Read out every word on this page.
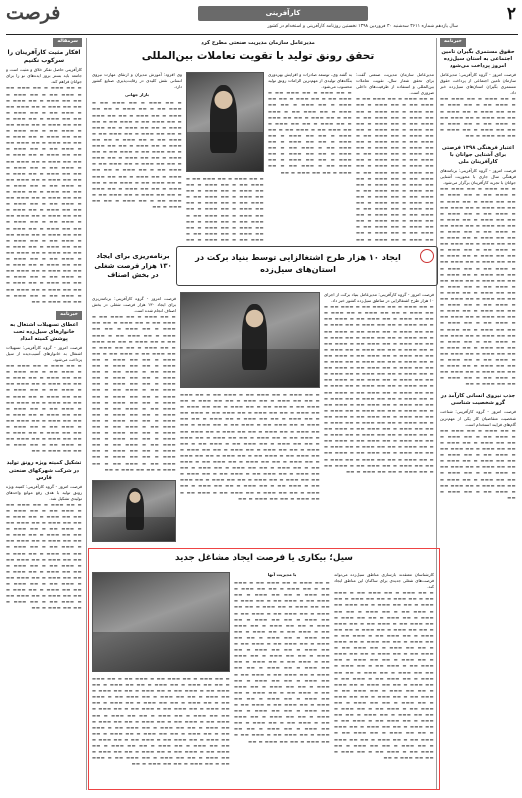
۲
کارآفرینی
فرصت
سال یازدهم شماره ۳۶۱۱ سه‌شنبه ۳۰ فروردین ۱۳۹۸ نخستین روزنامه کارآفرینی و استخدام در کشور
خبرنامه
حقوق مستمری بگیران تامین اجتماعی به استان سیل‌زده امروز پرداخت می‌شود
فرصت امروز - گروه کارآفرینی: مدیرعامل سازمان تامین اجتماعی از پرداخت حقوق مستمری بگیران استان‌های سیل‌زده خبر داد.
▬ ▬▬ ▬▬▬ ▬ ▬▬ ▬▬▬ ▬▬ ▬ ▬▬▬ ▬▬ ▬ ▬▬ ▬▬▬ ▬ ▬▬ ▬▬ ▬▬▬ ▬ ▬▬ ▬▬▬ ▬ ▬▬ ▬▬ ▬▬▬ ▬ ▬▬ ▬▬▬ ▬▬ ▬ ▬▬▬ ▬▬ ▬ ▬▬ ▬▬▬ ▬ ▬▬ ▬▬ ▬▬▬ ▬ ▬▬ ▬▬▬ ▬ ▬▬ ▬▬ ▬▬▬ ▬ ▬▬
اعتبار فرهنگی ۱۳۹۸ فرصتی برای آشتایی جوانان با کارآفرینان ملی
فرصت امروز - گروه کارآفرینی: برنامه‌های فرهنگی سال جاری با محوریت آشنایی جوانان با تجربه کارآفرینان برگزار می‌شود.
▬ ▬▬ ▬▬▬ ▬ ▬▬ ▬▬▬ ▬▬ ▬ ▬▬▬ ▬▬ ▬ ▬▬ ▬▬▬ ▬ ▬▬ ▬▬ ▬▬▬ ▬ ▬▬ ▬▬▬ ▬ ▬▬ ▬▬ ▬▬▬ ▬ ▬▬ ▬▬▬ ▬▬ ▬ ▬▬▬ ▬▬ ▬ ▬▬ ▬▬▬ ▬ ▬▬ ▬▬ ▬▬▬ ▬ ▬▬ ▬▬▬ ▬ ▬▬ ▬▬ ▬▬▬ ▬ ▬▬ ▬▬▬ ▬▬ ▬ ▬▬▬ ▬▬ ▬ ▬▬ ▬▬▬ ▬ ▬▬ ▬▬ ▬▬▬ ▬ ▬▬ ▬▬▬ ▬ ▬▬ ▬▬ ▬▬▬ ▬ ▬▬ ▬▬▬ ▬▬ ▬ ▬▬▬ ▬▬ ▬ ▬▬ ▬▬▬ ▬ ▬▬ ▬▬ ▬▬▬ ▬ ▬▬ ▬▬▬ ▬ ▬▬ ▬▬ ▬▬▬ ▬ ▬▬ ▬▬▬ ▬▬ ▬ ▬▬▬ ▬▬ ▬ ▬▬ ▬▬▬ ▬ ▬▬ ▬▬ ▬▬▬ ▬ ▬▬ ▬▬▬ ▬ ▬▬ ▬▬ ▬▬▬ ▬ ▬▬ ▬▬▬ ▬▬ ▬ ▬▬▬ ▬▬ ▬ ▬▬ ▬▬▬ ▬ ▬▬ ▬▬ ▬▬▬ ▬ ▬▬ ▬▬▬ ▬ ▬▬ ▬▬ ▬▬▬ ▬ ▬▬ ▬▬▬ ▬▬ ▬ ▬▬▬ ▬▬ ▬ ▬▬ ▬▬▬ ▬ ▬▬ ▬▬ ▬▬▬ ▬ ▬▬ ▬▬▬ ▬ ▬▬ ▬▬ ▬▬▬ ▬ ▬▬ ▬▬▬ ▬▬ ▬ ▬▬▬ ▬▬ ▬ ▬▬ ▬▬▬ ▬ ▬▬ ▬▬ ▬▬▬ ▬ ▬▬ ▬▬▬ ▬ ▬▬ ▬▬ ▬▬▬ ▬ ▬▬ ▬▬▬ ▬▬ ▬ ▬▬▬ ▬▬ ▬ ▬▬ ▬▬▬ ▬ ▬▬ ▬▬ ▬▬▬ ▬ ▬▬ ▬▬▬ ▬ ▬▬ ▬▬ ▬▬▬ ▬ ▬▬ ▬▬▬ ▬▬ ▬ ▬▬▬ ▬▬ ▬ ▬▬ ▬▬▬ ▬ ▬▬ ▬▬ ▬▬▬ ▬ ▬▬ ▬▬▬ ▬ ▬▬ ▬▬ ▬▬▬ ▬ ▬▬ ▬▬▬ ▬▬ ▬ ▬▬▬ ▬▬ ▬ ▬▬ ▬▬▬ ▬ ▬▬ ▬▬ ▬▬▬ ▬ ▬▬
جذب نیروی انسانی کارآمد در گرو شخصیت شناسی
فرصت امروز - گروه کارآفرینی: شناخت شخصیت متقاضیان کار یکی از مهم‌ترین گام‌های فرایند استخدام است.
▬ ▬▬ ▬▬▬ ▬ ▬▬ ▬▬▬ ▬▬ ▬ ▬▬▬ ▬▬ ▬ ▬▬ ▬▬▬ ▬ ▬▬ ▬▬ ▬▬▬ ▬ ▬▬ ▬▬▬ ▬ ▬▬ ▬▬ ▬▬▬ ▬ ▬▬ ▬▬▬ ▬▬ ▬ ▬▬▬ ▬▬ ▬ ▬▬ ▬▬▬ ▬ ▬▬ ▬▬ ▬▬▬ ▬ ▬▬ ▬▬▬ ▬ ▬▬ ▬▬ ▬▬▬ ▬ ▬▬ ▬▬▬ ▬▬ ▬ ▬▬▬ ▬▬ ▬ ▬▬ ▬▬▬ ▬ ▬▬ ▬▬ ▬▬▬ ▬ ▬▬ ▬▬▬ ▬ ▬▬ ▬▬ ▬▬▬ ▬ ▬▬ ▬▬▬ ▬▬ ▬ ▬▬▬ ▬▬ ▬ ▬▬ ▬▬▬ ▬ ▬▬
سرمقاله
افکار مثبت کارآفرینان را سرکوب نکنیم
کارآفرینی حاصل تفکر خلاق و مثبت است و جامعه باید بستر بروز ایده‌های نو را برای جوانان فراهم کند.
▬ ▬▬ ▬▬▬ ▬ ▬▬ ▬▬▬ ▬▬ ▬ ▬▬▬ ▬▬ ▬ ▬▬ ▬▬▬ ▬ ▬▬ ▬▬ ▬▬▬ ▬ ▬▬ ▬▬▬ ▬ ▬▬ ▬▬ ▬▬▬ ▬ ▬▬ ▬▬▬ ▬▬ ▬ ▬▬▬ ▬▬ ▬ ▬▬ ▬▬▬ ▬ ▬▬ ▬▬ ▬▬▬ ▬ ▬▬ ▬▬▬ ▬ ▬▬ ▬▬ ▬▬▬ ▬ ▬▬ ▬▬▬ ▬▬ ▬ ▬▬▬ ▬▬ ▬ ▬▬ ▬▬▬ ▬ ▬▬ ▬▬ ▬▬▬ ▬ ▬▬ ▬▬▬ ▬ ▬▬ ▬▬ ▬▬▬ ▬ ▬▬ ▬▬▬ ▬▬ ▬ ▬▬▬ ▬▬ ▬ ▬▬ ▬▬▬ ▬ ▬▬ ▬▬ ▬▬▬ ▬ ▬▬ ▬▬▬ ▬ ▬▬ ▬▬ ▬▬▬ ▬ ▬▬ ▬▬▬ ▬▬ ▬ ▬▬▬ ▬▬ ▬ ▬▬ ▬▬▬ ▬ ▬▬ ▬▬ ▬▬▬ ▬ ▬▬ ▬▬▬ ▬ ▬▬ ▬▬ ▬▬▬ ▬ ▬▬ ▬▬▬ ▬▬ ▬ ▬▬▬ ▬▬ ▬ ▬▬ ▬▬▬ ▬ ▬▬ ▬▬ ▬▬▬ ▬ ▬▬ ▬▬▬ ▬ ▬▬ ▬▬ ▬▬▬ ▬ ▬▬ ▬▬▬ ▬▬ ▬ ▬▬▬ ▬▬ ▬ ▬▬ ▬▬▬ ▬ ▬▬ ▬▬ ▬▬▬ ▬ ▬▬ ▬▬▬ ▬ ▬▬ ▬▬ ▬▬▬ ▬ ▬▬ ▬▬▬ ▬▬ ▬ ▬▬▬ ▬▬ ▬ ▬▬ ▬▬▬ ▬ ▬▬ ▬▬ ▬▬▬ ▬ ▬▬ ▬▬▬ ▬ ▬▬ ▬▬ ▬▬▬ ▬ ▬▬ ▬▬▬ ▬▬ ▬ ▬▬▬ ▬▬ ▬ ▬▬ ▬▬▬ ▬ ▬▬ ▬▬ ▬▬▬ ▬ ▬▬ ▬▬▬ ▬ ▬▬ ▬▬ ▬▬▬ ▬ ▬▬ ▬▬▬ ▬▬ ▬ ▬▬▬ ▬▬ ▬ ▬▬ ▬▬▬ ▬ ▬▬ ▬▬ ▬▬▬ ▬ ▬▬ ▬▬▬ ▬ ▬▬ ▬▬ ▬▬▬ ▬ ▬▬ ▬▬▬ ▬▬ ▬ ▬▬▬ ▬▬ ▬ ▬▬ ▬▬▬ ▬ ▬▬ ▬▬ ▬▬▬ ▬ ▬▬ ▬▬▬ ▬ ▬▬ ▬▬ ▬▬▬ ▬ ▬▬ ▬▬▬ ▬▬ ▬ ▬▬▬ ▬▬ ▬ ▬▬ ▬▬▬ ▬ ▬▬ ▬▬ ▬▬▬ ▬ ▬▬
خبرنامه
اعطای تسهیلات اشتغال به خانوارهای سیل‌زده تحت پوشش کمیته امداد
فرصت امروز - گروه کارآفرینی: تسهیلات اشتغال به خانوارهای آسیب‌دیده از سیل پرداخت می‌شود.
▬ ▬▬ ▬▬▬ ▬ ▬▬ ▬▬▬ ▬▬ ▬ ▬▬▬ ▬▬ ▬ ▬▬ ▬▬▬ ▬ ▬▬ ▬▬ ▬▬▬ ▬ ▬▬ ▬▬▬ ▬ ▬▬ ▬▬ ▬▬▬ ▬ ▬▬ ▬▬▬ ▬▬ ▬ ▬▬▬ ▬▬ ▬ ▬▬ ▬▬▬ ▬ ▬▬ ▬▬ ▬▬▬ ▬ ▬▬ ▬▬▬ ▬ ▬▬ ▬▬ ▬▬▬ ▬ ▬▬ ▬▬▬ ▬▬ ▬ ▬▬▬ ▬▬ ▬ ▬▬ ▬▬▬ ▬ ▬▬ ▬▬ ▬▬▬ ▬ ▬▬ ▬▬▬ ▬ ▬▬ ▬▬ ▬▬▬ ▬ ▬▬ ▬▬▬ ▬▬ ▬ ▬▬▬ ▬▬ ▬ ▬▬ ▬▬▬ ▬ ▬▬ ▬▬ ▬▬▬ ▬ ▬▬ ▬▬▬ ▬ ▬▬ ▬▬ ▬▬▬ ▬ ▬▬ ▬▬▬ ▬▬ ▬ ▬▬▬ ▬▬ ▬ ▬▬ ▬▬▬ ▬ ▬▬ ▬▬ ▬▬▬ ▬ ▬▬
تشکیل کمیته ویژه رونق تولید در شرکت شهرکهای صنعتی فارس
فرصت امروز - گروه کارآفرینی: کمیته ویژه رونق تولید با هدف رفع موانع واحدهای تولیدی تشکیل شد.
▬ ▬▬ ▬▬▬ ▬ ▬▬ ▬▬▬ ▬▬ ▬ ▬▬▬ ▬▬ ▬ ▬▬ ▬▬▬ ▬ ▬▬ ▬▬ ▬▬▬ ▬ ▬▬ ▬▬▬ ▬ ▬▬ ▬▬ ▬▬▬ ▬ ▬▬ ▬▬▬ ▬▬ ▬ ▬▬▬ ▬▬ ▬ ▬▬ ▬▬▬ ▬ ▬▬ ▬▬ ▬▬▬ ▬ ▬▬ ▬▬▬ ▬ ▬▬ ▬▬ ▬▬▬ ▬ ▬▬ ▬▬▬ ▬▬ ▬ ▬▬▬ ▬▬ ▬ ▬▬ ▬▬▬ ▬ ▬▬ ▬▬ ▬▬▬ ▬ ▬▬ ▬▬▬ ▬ ▬▬ ▬▬ ▬▬▬ ▬ ▬▬ ▬▬▬ ▬▬ ▬ ▬▬▬ ▬▬ ▬ ▬▬ ▬▬▬ ▬ ▬▬ ▬▬ ▬▬▬ ▬ ▬▬ ▬▬▬ ▬ ▬▬ ▬▬ ▬▬▬ ▬ ▬▬ ▬▬▬ ▬▬ ▬ ▬▬▬ ▬▬ ▬ ▬▬ ▬▬▬ ▬ ▬▬ ▬▬ ▬▬▬ ▬ ▬▬ ▬▬▬ ▬ ▬▬ ▬▬ ▬▬▬ ▬ ▬▬ ▬▬▬ ▬▬ ▬ ▬▬▬ ▬▬ ▬ ▬▬ ▬▬▬ ▬ ▬▬ ▬▬ ▬▬▬ ▬ ▬▬
مدیرعامل سازمان مدیریت صنعتی مطرح کرد
تحقق رونق تولید با تقویت تعاملات بین‌المللی
مدیرعامل سازمان مدیریت صنعتی گفت: برای تحقق شعار سال، تقویت تعاملات بین‌المللی و استفاده از ظرفیت‌های داخلی ضروری است.
▬ ▬▬ ▬▬▬ ▬ ▬▬ ▬▬▬ ▬▬ ▬ ▬▬▬ ▬▬ ▬ ▬▬ ▬▬▬ ▬ ▬▬ ▬▬ ▬▬▬ ▬ ▬▬ ▬▬▬ ▬ ▬▬ ▬▬ ▬▬▬ ▬ ▬▬ ▬▬▬ ▬▬ ▬ ▬▬▬ ▬▬ ▬ ▬▬ ▬▬▬ ▬ ▬▬ ▬▬ ▬▬▬ ▬ ▬▬ ▬▬▬ ▬ ▬▬ ▬▬ ▬▬▬ ▬ ▬▬ ▬▬▬ ▬▬ ▬ ▬▬▬ ▬▬ ▬ ▬▬ ▬▬▬ ▬ ▬▬ ▬▬ ▬▬▬ ▬ ▬▬ ▬▬▬ ▬ ▬▬ ▬▬ ▬▬▬ ▬ ▬▬ ▬▬▬ ▬▬ ▬ ▬▬▬ ▬▬ ▬ ▬▬ ▬▬▬ ▬ ▬▬ ▬▬ ▬▬▬ ▬ ▬▬ ▬▬▬ ▬ ▬▬ ▬▬ ▬▬▬ ▬ ▬▬ ▬▬▬ ▬▬ ▬ ▬▬▬ ▬▬ ▬ ▬▬ ▬▬▬ ▬ ▬▬ ▬▬ ▬▬▬ ▬ ▬▬ ▬▬▬ ▬ ▬▬ ▬▬ ▬▬▬ ▬ ▬▬ ▬▬▬ ▬▬ ▬ ▬▬▬ ▬▬ ▬ ▬▬ ▬▬▬ ▬ ▬▬ ▬▬ ▬▬▬ ▬ ▬▬ ▬▬▬ ▬ ▬▬ ▬▬ ▬▬▬ ▬ ▬▬ ▬▬▬ ▬▬ ▬ ▬▬▬ ▬▬ ▬ ▬▬ ▬▬▬ ▬ ▬▬ ▬▬ ▬▬▬ ▬ ▬▬ ▬▬▬ ▬ ▬▬ ▬▬ ▬▬▬ ▬ ▬▬ ▬▬▬ ▬▬ ▬ ▬▬▬ ▬▬ ▬ ▬▬ ▬▬▬ ▬ ▬▬ ▬▬ ▬▬▬ ▬ ▬▬ ▬▬▬ ▬ ▬▬
به گفته وی، توسعه صادرات و افزایش بهره‌وری بنگاه‌های تولیدی از مهم‌ترین الزامات رونق تولید محسوب می‌شود.
▬ ▬▬ ▬▬▬ ▬ ▬▬ ▬▬▬ ▬▬ ▬ ▬▬▬ ▬▬ ▬ ▬▬ ▬▬▬ ▬ ▬▬ ▬▬ ▬▬▬ ▬ ▬▬ ▬▬▬ ▬ ▬▬ ▬▬ ▬▬▬ ▬ ▬▬ ▬▬▬ ▬▬ ▬ ▬▬▬ ▬▬ ▬ ▬▬ ▬▬▬ ▬ ▬▬ ▬▬ ▬▬▬ ▬ ▬▬ ▬▬▬ ▬ ▬▬ ▬▬ ▬▬▬ ▬ ▬▬ ▬▬▬ ▬▬ ▬ ▬▬▬ ▬▬ ▬ ▬▬ ▬▬▬ ▬ ▬▬ ▬▬ ▬▬▬ ▬ ▬▬ ▬▬▬ ▬ ▬▬ ▬▬ ▬▬▬ ▬ ▬▬ ▬▬▬ ▬▬ ▬ ▬▬▬ ▬▬ ▬ ▬▬ ▬▬▬ ▬ ▬▬ ▬▬ ▬▬▬ ▬ ▬▬ ▬▬▬ ▬ ▬▬ ▬▬ ▬▬▬ ▬ ▬▬ ▬▬▬ ▬▬ ▬ ▬▬▬ ▬▬ ▬ ▬▬ ▬▬▬ ▬ ▬▬ ▬▬ ▬▬▬ ▬ ▬▬
▬ ▬▬ ▬▬▬ ▬ ▬▬ ▬▬▬ ▬▬ ▬ ▬▬▬ ▬▬ ▬ ▬▬ ▬▬▬ ▬ ▬▬ ▬▬ ▬▬▬ ▬ ▬▬ ▬▬▬ ▬ ▬▬ ▬▬ ▬▬▬ ▬ ▬▬ ▬▬▬ ▬▬ ▬ ▬▬▬ ▬▬ ▬ ▬▬ ▬▬▬ ▬ ▬▬ ▬▬ ▬▬▬ ▬ ▬▬ ▬▬▬ ▬ ▬▬ ▬▬ ▬▬▬ ▬ ▬▬ ▬▬▬ ▬▬ ▬ ▬▬▬ ▬▬ ▬ ▬▬ ▬▬▬ ▬ ▬▬ ▬▬ ▬▬▬ ▬ ▬▬ ▬▬▬ ▬ ▬▬ ▬▬ ▬▬▬ ▬ ▬▬ ▬▬▬ ▬▬ ▬ ▬▬▬ ▬▬ ▬ ▬▬ ▬▬▬ ▬ ▬▬
وی افزود: آموزش مدیران و ارتقای مهارت نیروی انسانی نقش کلیدی در رقابت‌پذیری صنایع کشور دارد.
بازار جهانی
▬ ▬▬ ▬▬▬ ▬ ▬▬ ▬▬▬ ▬▬ ▬ ▬▬▬ ▬▬ ▬ ▬▬ ▬▬▬ ▬ ▬▬ ▬▬ ▬▬▬ ▬ ▬▬ ▬▬▬ ▬ ▬▬ ▬▬ ▬▬▬ ▬ ▬▬ ▬▬▬ ▬▬ ▬ ▬▬▬ ▬▬ ▬ ▬▬ ▬▬▬ ▬ ▬▬ ▬▬ ▬▬▬ ▬ ▬▬ ▬▬▬ ▬ ▬▬ ▬▬ ▬▬▬ ▬ ▬▬ ▬▬▬ ▬▬ ▬ ▬▬▬ ▬▬ ▬ ▬▬ ▬▬▬ ▬ ▬▬ ▬▬ ▬▬▬ ▬ ▬▬ ▬▬▬ ▬ ▬▬ ▬▬ ▬▬▬ ▬ ▬▬ ▬▬▬ ▬▬ ▬ ▬▬▬ ▬▬ ▬ ▬▬ ▬▬▬ ▬ ▬▬ ▬▬ ▬▬▬ ▬ ▬▬ ▬▬▬ ▬ ▬▬ ▬▬ ▬▬▬ ▬ ▬▬ ▬▬▬ ▬▬ ▬ ▬▬▬ ▬▬ ▬ ▬▬ ▬▬▬ ▬ ▬▬ ▬▬ ▬▬▬ ▬ ▬▬ ▬▬▬ ▬ ▬▬ ▬▬ ▬▬▬ ▬ ▬▬ ▬▬▬ ▬▬ ▬ ▬▬▬ ▬▬ ▬ ▬▬ ▬▬▬ ▬ ▬▬ ▬▬ ▬▬▬ ▬ ▬▬ ▬▬▬ ▬ ▬▬ ▬▬ ▬▬▬ ▬ ▬▬ ▬▬▬ ▬▬ ▬ ▬▬▬ ▬▬ ▬ ▬▬ ▬▬▬ ▬ ▬▬ ▬▬ ▬▬▬ ▬ ▬▬
ایجاد ۱۰ هزار طرح اشتغالزایی توسط بنیاد برکت در استان‌های سیل‌زده
فرصت امروز - گروه کارآفرینی: مدیرعامل بنیاد برکت از اجرای ۱۰ هزار طرح اشتغالزایی در مناطق سیل‌زده کشور خبر داد.
▬ ▬▬ ▬▬▬ ▬ ▬▬ ▬▬▬ ▬▬ ▬ ▬▬▬ ▬▬ ▬ ▬▬ ▬▬▬ ▬ ▬▬ ▬▬ ▬▬▬ ▬ ▬▬ ▬▬▬ ▬ ▬▬ ▬▬ ▬▬▬ ▬ ▬▬ ▬▬▬ ▬▬ ▬ ▬▬▬ ▬▬ ▬ ▬▬ ▬▬▬ ▬ ▬▬ ▬▬ ▬▬▬ ▬ ▬▬ ▬▬▬ ▬ ▬▬ ▬▬ ▬▬▬ ▬ ▬▬ ▬▬▬ ▬▬ ▬ ▬▬▬ ▬▬ ▬ ▬▬ ▬▬▬ ▬ ▬▬ ▬▬ ▬▬▬ ▬ ▬▬ ▬▬▬ ▬ ▬▬ ▬▬ ▬▬▬ ▬ ▬▬ ▬▬▬ ▬▬ ▬ ▬▬▬ ▬▬ ▬ ▬▬ ▬▬▬ ▬ ▬▬ ▬▬ ▬▬▬ ▬ ▬▬ ▬▬▬ ▬ ▬▬ ▬▬ ▬▬▬ ▬ ▬▬ ▬▬▬ ▬▬ ▬ ▬▬▬ ▬▬ ▬ ▬▬ ▬▬▬ ▬ ▬▬ ▬▬ ▬▬▬ ▬ ▬▬ ▬▬▬ ▬ ▬▬ ▬▬ ▬▬▬ ▬ ▬▬ ▬▬▬ ▬▬ ▬ ▬▬▬ ▬▬ ▬ ▬▬ ▬▬▬ ▬ ▬▬ ▬▬ ▬▬▬ ▬ ▬▬ ▬▬▬ ▬ ▬▬ ▬▬ ▬▬▬ ▬ ▬▬ ▬▬▬ ▬▬ ▬ ▬▬▬ ▬▬ ▬ ▬▬ ▬▬▬ ▬ ▬▬ ▬▬ ▬▬▬ ▬ ▬▬ ▬▬▬ ▬ ▬▬ ▬▬ ▬▬▬ ▬ ▬▬ ▬▬▬ ▬▬ ▬ ▬▬▬ ▬▬ ▬ ▬▬ ▬▬▬ ▬ ▬▬ ▬▬ ▬▬▬ ▬ ▬▬ ▬▬▬ ▬ ▬▬ ▬▬ ▬▬▬ ▬ ▬▬ ▬▬▬ ▬▬ ▬ ▬▬▬ ▬▬ ▬ ▬▬ ▬▬▬ ▬ ▬▬ ▬▬ ▬▬▬ ▬ ▬▬ ▬▬▬ ▬ ▬▬ ▬▬ ▬▬▬ ▬ ▬▬ ▬▬▬ ▬▬ ▬ ▬▬▬ ▬▬ ▬ ▬▬ ▬▬▬ ▬ ▬▬ ▬▬ ▬▬▬ ▬ ▬▬ ▬▬▬ ▬ ▬▬ ▬▬ ▬▬▬ ▬ ▬▬ ▬▬▬ ▬▬ ▬ ▬▬▬ ▬▬ ▬ ▬▬ ▬▬▬ ▬ ▬▬ ▬▬ ▬▬▬ ▬ ▬▬ ▬▬▬ ▬ ▬▬ ▬▬ ▬▬▬ ▬ ▬▬ ▬▬▬ ▬▬ ▬ ▬▬▬ ▬▬ ▬ ▬▬ ▬▬▬ ▬ ▬▬ ▬▬ ▬▬▬ ▬ ▬▬ ▬▬▬ ▬ ▬▬ ▬▬ ▬▬▬ ▬ ▬▬ ▬▬▬ ▬▬ ▬ ▬▬▬ ▬▬ ▬ ▬▬ ▬▬▬ ▬ ▬▬ ▬▬ ▬▬▬ ▬ ▬▬ ▬▬▬ ▬ ▬▬ ▬▬ ▬▬▬ ▬ ▬▬ ▬▬▬ ▬▬ ▬ ▬▬▬ ▬▬ ▬ ▬▬ ▬▬▬ ▬ ▬▬ ▬▬ ▬▬▬ ▬ ▬▬
▬ ▬▬ ▬▬▬ ▬ ▬▬ ▬▬▬ ▬▬ ▬ ▬▬▬ ▬▬ ▬ ▬▬ ▬▬▬ ▬ ▬▬ ▬▬ ▬▬▬ ▬ ▬▬ ▬▬▬ ▬ ▬▬ ▬▬ ▬▬▬ ▬ ▬▬ ▬▬▬ ▬▬ ▬ ▬▬▬ ▬▬ ▬ ▬▬ ▬▬▬ ▬ ▬▬ ▬▬ ▬▬▬ ▬ ▬▬ ▬▬▬ ▬ ▬▬ ▬▬ ▬▬▬ ▬ ▬▬ ▬▬▬ ▬▬ ▬ ▬▬▬ ▬▬ ▬ ▬▬ ▬▬▬ ▬ ▬▬ ▬▬ ▬▬▬ ▬ ▬▬ ▬▬▬ ▬ ▬▬ ▬▬ ▬▬▬ ▬ ▬▬ ▬▬▬ ▬▬ ▬ ▬▬▬ ▬▬ ▬ ▬▬ ▬▬▬ ▬ ▬▬ ▬▬ ▬▬▬ ▬ ▬▬ ▬▬▬ ▬ ▬▬ ▬▬ ▬▬▬ ▬ ▬▬ ▬▬▬ ▬▬ ▬ ▬▬▬ ▬▬ ▬ ▬▬ ▬▬▬ ▬ ▬▬ ▬▬ ▬▬▬ ▬ ▬▬ ▬▬▬ ▬ ▬▬ ▬▬ ▬▬▬ ▬ ▬▬ ▬▬▬ ▬▬ ▬ ▬▬▬ ▬▬ ▬ ▬▬ ▬▬▬ ▬ ▬▬ ▬▬ ▬▬▬ ▬ ▬▬ ▬▬▬ ▬ ▬▬ ▬▬ ▬▬▬ ▬ ▬▬ ▬▬▬ ▬▬ ▬ ▬▬▬ ▬▬ ▬ ▬▬ ▬▬▬ ▬ ▬▬ ▬▬ ▬▬▬ ▬ ▬▬ ▬▬▬ ▬ ▬▬ ▬▬ ▬▬▬ ▬ ▬▬ ▬▬▬ ▬▬ ▬ ▬▬▬ ▬▬ ▬ ▬▬ ▬▬▬ ▬ ▬▬ ▬▬ ▬▬▬ ▬ ▬▬ ▬▬▬ ▬ ▬▬ ▬▬ ▬▬▬ ▬ ▬▬ ▬▬▬ ▬▬ ▬ ▬▬▬ ▬▬ ▬ ▬▬ ▬▬▬ ▬ ▬▬ ▬▬ ▬▬▬ ▬ ▬▬ ▬▬▬ ▬ ▬▬ ▬▬ ▬▬▬ ▬ ▬▬ ▬▬▬ ▬▬ ▬ ▬▬▬ ▬▬ ▬ ▬▬ ▬▬▬ ▬ ▬▬ ▬▬ ▬▬▬ ▬ ▬▬ ▬▬▬ ▬ ▬▬ ▬▬ ▬▬▬ ▬ ▬▬ ▬▬▬ ▬▬ ▬ ▬▬▬ ▬▬ ▬ ▬▬ ▬▬▬ ▬ ▬▬ ▬▬ ▬▬▬ ▬ ▬▬
برنامه‌ریزی برای ایجاد ۱۳۰ هزار فرصت شغلی در بخش اصناف
فرصت امروز - گروه کارآفرینی: برنامه‌ریزی برای ایجاد ۱۳۰ هزار فرصت شغلی در بخش اصناف انجام شده است.
▬ ▬▬ ▬▬▬ ▬ ▬▬ ▬▬▬ ▬▬ ▬ ▬▬▬ ▬▬ ▬ ▬▬ ▬▬▬ ▬ ▬▬ ▬▬ ▬▬▬ ▬ ▬▬ ▬▬▬ ▬ ▬▬ ▬▬ ▬▬▬ ▬ ▬▬ ▬▬▬ ▬▬ ▬ ▬▬▬ ▬▬ ▬ ▬▬ ▬▬▬ ▬ ▬▬ ▬▬ ▬▬▬ ▬ ▬▬ ▬▬▬ ▬ ▬▬ ▬▬ ▬▬▬ ▬ ▬▬ ▬▬▬ ▬▬ ▬ ▬▬▬ ▬▬ ▬ ▬▬ ▬▬▬ ▬ ▬▬ ▬▬ ▬▬▬ ▬ ▬▬ ▬▬▬ ▬ ▬▬ ▬▬ ▬▬▬ ▬ ▬▬ ▬▬▬ ▬▬ ▬ ▬▬▬ ▬▬ ▬ ▬▬ ▬▬▬ ▬ ▬▬ ▬▬ ▬▬▬ ▬ ▬▬ ▬▬▬ ▬ ▬▬ ▬▬ ▬▬▬ ▬ ▬▬ ▬▬▬ ▬▬ ▬ ▬▬▬ ▬▬ ▬ ▬▬ ▬▬▬ ▬ ▬▬ ▬▬ ▬▬▬ ▬ ▬▬ ▬▬▬ ▬ ▬▬ ▬▬ ▬▬▬ ▬ ▬▬ ▬▬▬ ▬▬ ▬ ▬▬▬ ▬▬ ▬ ▬▬ ▬▬▬ ▬ ▬▬ ▬▬ ▬▬▬ ▬ ▬▬ ▬▬▬ ▬ ▬▬ ▬▬ ▬▬▬ ▬ ▬▬ ▬▬▬ ▬▬ ▬ ▬▬▬ ▬▬ ▬ ▬▬ ▬▬▬ ▬ ▬▬ ▬▬ ▬▬▬ ▬ ▬▬ ▬▬▬ ▬ ▬▬ ▬▬ ▬▬▬ ▬ ▬▬ ▬▬▬ ▬▬ ▬ ▬▬▬ ▬▬ ▬ ▬▬ ▬▬▬ ▬ ▬▬ ▬▬ ▬▬▬ ▬ ▬▬ ▬▬▬ ▬ ▬▬ ▬▬ ▬▬▬ ▬ ▬▬ ▬▬▬ ▬▬ ▬ ▬▬▬ ▬▬ ▬ ▬▬ ▬▬▬ ▬ ▬▬ ▬▬ ▬▬▬ ▬ ▬▬
سیل؛ بیکاری یا فرصت ایجاد مشاغل جدید
کارشناسان معتقدند بازسازی مناطق سیل‌زده می‌تواند فرصت‌های شغلی جدیدی برای ساکنان این مناطق ایجاد کند.
▬ ▬▬ ▬▬▬ ▬ ▬▬ ▬▬▬ ▬▬ ▬ ▬▬▬ ▬▬ ▬ ▬▬ ▬▬▬ ▬ ▬▬ ▬▬ ▬▬▬ ▬ ▬▬ ▬▬▬ ▬ ▬▬ ▬▬ ▬▬▬ ▬ ▬▬ ▬▬▬ ▬▬ ▬ ▬▬▬ ▬▬ ▬ ▬▬ ▬▬▬ ▬ ▬▬ ▬▬ ▬▬▬ ▬ ▬▬ ▬▬▬ ▬ ▬▬ ▬▬ ▬▬▬ ▬ ▬▬ ▬▬▬ ▬▬ ▬ ▬▬▬ ▬▬ ▬ ▬▬ ▬▬▬ ▬ ▬▬ ▬▬ ▬▬▬ ▬ ▬▬ ▬▬▬ ▬ ▬▬ ▬▬ ▬▬▬ ▬ ▬▬ ▬▬▬ ▬▬ ▬ ▬▬▬ ▬▬ ▬ ▬▬ ▬▬▬ ▬ ▬▬ ▬▬ ▬▬▬ ▬ ▬▬ ▬▬▬ ▬ ▬▬ ▬▬ ▬▬▬ ▬ ▬▬ ▬▬▬ ▬▬ ▬ ▬▬▬ ▬▬ ▬ ▬▬ ▬▬▬ ▬ ▬▬ ▬▬ ▬▬▬ ▬ ▬▬ ▬▬▬ ▬ ▬▬ ▬▬ ▬▬▬ ▬ ▬▬ ▬▬▬ ▬▬ ▬ ▬▬▬ ▬▬ ▬ ▬▬ ▬▬▬ ▬ ▬▬ ▬▬ ▬▬▬ ▬ ▬▬ ▬▬▬ ▬ ▬▬ ▬▬ ▬▬▬ ▬ ▬▬ ▬▬▬ ▬▬ ▬ ▬▬▬ ▬▬ ▬ ▬▬ ▬▬▬ ▬ ▬▬ ▬▬ ▬▬▬ ▬ ▬▬ ▬▬▬ ▬ ▬▬ ▬▬ ▬▬▬ ▬ ▬▬ ▬▬▬ ▬▬ ▬ ▬▬▬ ▬▬ ▬ ▬▬ ▬▬▬ ▬ ▬▬ ▬▬ ▬▬▬ ▬ ▬▬ ▬▬▬ ▬ ▬▬ ▬▬ ▬▬▬ ▬ ▬▬ ▬▬▬ ▬▬ ▬ ▬▬▬ ▬▬ ▬ ▬▬ ▬▬▬ ▬ ▬▬ ▬▬ ▬▬▬ ▬ ▬▬ ▬▬▬ ▬ ▬▬ ▬▬ ▬▬▬ ▬ ▬▬ ▬▬▬ ▬▬ ▬ ▬▬▬ ▬▬ ▬ ▬▬ ▬▬▬ ▬ ▬▬ ▬▬ ▬▬▬ ▬ ▬▬ ▬▬▬ ▬ ▬▬ ▬▬ ▬▬▬ ▬ ▬▬ ▬▬▬ ▬▬ ▬ ▬▬▬ ▬▬ ▬ ▬▬ ▬▬▬ ▬ ▬▬ ▬▬ ▬▬▬ ▬ ▬▬ ▬▬▬ ▬ ▬▬ ▬▬ ▬▬▬ ▬ ▬▬ ▬▬▬ ▬▬ ▬ ▬▬▬ ▬▬ ▬ ▬▬ ▬▬▬ ▬ ▬▬ ▬▬ ▬▬▬ ▬ ▬▬
با مدیریت آنها
▬ ▬▬ ▬▬▬ ▬ ▬▬ ▬▬▬ ▬▬ ▬ ▬▬▬ ▬▬ ▬ ▬▬ ▬▬▬ ▬ ▬▬ ▬▬ ▬▬▬ ▬ ▬▬ ▬▬▬ ▬ ▬▬ ▬▬ ▬▬▬ ▬ ▬▬ ▬▬▬ ▬▬ ▬ ▬▬▬ ▬▬ ▬ ▬▬ ▬▬▬ ▬ ▬▬ ▬▬ ▬▬▬ ▬ ▬▬ ▬▬▬ ▬ ▬▬ ▬▬ ▬▬▬ ▬ ▬▬ ▬▬▬ ▬▬ ▬ ▬▬▬ ▬▬ ▬ ▬▬ ▬▬▬ ▬ ▬▬ ▬▬ ▬▬▬ ▬ ▬▬ ▬▬▬ ▬ ▬▬ ▬▬ ▬▬▬ ▬ ▬▬ ▬▬▬ ▬▬ ▬ ▬▬▬ ▬▬ ▬ ▬▬ ▬▬▬ ▬ ▬▬ ▬▬ ▬▬▬ ▬ ▬▬ ▬▬▬ ▬ ▬▬ ▬▬ ▬▬▬ ▬ ▬▬ ▬▬▬ ▬▬ ▬ ▬▬▬ ▬▬ ▬ ▬▬ ▬▬▬ ▬ ▬▬ ▬▬ ▬▬▬ ▬ ▬▬ ▬▬▬ ▬ ▬▬ ▬▬ ▬▬▬ ▬ ▬▬ ▬▬▬ ▬▬ ▬ ▬▬▬ ▬▬ ▬ ▬▬ ▬▬▬ ▬ ▬▬ ▬▬ ▬▬▬ ▬ ▬▬ ▬▬▬ ▬ ▬▬ ▬▬ ▬▬▬ ▬ ▬▬ ▬▬▬ ▬▬ ▬ ▬▬▬ ▬▬ ▬ ▬▬ ▬▬▬ ▬ ▬▬ ▬▬ ▬▬▬ ▬ ▬▬ ▬▬▬ ▬ ▬▬ ▬▬ ▬▬▬ ▬ ▬▬ ▬▬▬ ▬▬ ▬ ▬▬▬ ▬▬ ▬ ▬▬ ▬▬▬ ▬ ▬▬ ▬▬ ▬▬▬ ▬ ▬▬ ▬▬▬ ▬ ▬▬ ▬▬ ▬▬▬ ▬ ▬▬ ▬▬▬ ▬▬ ▬ ▬▬▬ ▬▬ ▬ ▬▬ ▬▬▬ ▬ ▬▬ ▬▬ ▬▬▬ ▬ ▬▬ ▬▬▬ ▬ ▬▬ ▬▬ ▬▬▬ ▬ ▬▬ ▬▬▬ ▬▬ ▬ ▬▬▬ ▬▬ ▬ ▬▬ ▬▬▬ ▬ ▬▬ ▬▬ ▬▬▬ ▬ ▬▬ ▬▬▬ ▬ ▬▬ ▬▬ ▬▬▬ ▬ ▬▬ ▬▬▬ ▬▬ ▬ ▬▬▬ ▬▬ ▬ ▬▬ ▬▬▬ ▬ ▬▬ ▬▬ ▬▬▬ ▬ ▬▬
▬ ▬▬ ▬▬▬ ▬ ▬▬ ▬▬▬ ▬▬ ▬ ▬▬▬ ▬▬ ▬ ▬▬ ▬▬▬ ▬ ▬▬ ▬▬ ▬▬▬ ▬ ▬▬ ▬▬▬ ▬ ▬▬ ▬▬ ▬▬▬ ▬ ▬▬ ▬▬▬ ▬▬ ▬ ▬▬▬ ▬▬ ▬ ▬▬ ▬▬▬ ▬ ▬▬ ▬▬ ▬▬▬ ▬ ▬▬ ▬▬▬ ▬ ▬▬ ▬▬ ▬▬▬ ▬ ▬▬ ▬▬▬ ▬▬ ▬ ▬▬▬ ▬▬ ▬ ▬▬ ▬▬▬ ▬ ▬▬ ▬▬ ▬▬▬ ▬ ▬▬ ▬▬▬ ▬ ▬▬ ▬▬ ▬▬▬ ▬ ▬▬ ▬▬▬ ▬▬ ▬ ▬▬▬ ▬▬ ▬ ▬▬ ▬▬▬ ▬ ▬▬ ▬▬ ▬▬▬ ▬ ▬▬ ▬▬▬ ▬ ▬▬ ▬▬ ▬▬▬ ▬ ▬▬ ▬▬▬ ▬▬ ▬ ▬▬▬ ▬▬ ▬ ▬▬ ▬▬▬ ▬ ▬▬ ▬▬ ▬▬▬ ▬ ▬▬ ▬▬▬ ▬ ▬▬ ▬▬ ▬▬▬ ▬ ▬▬ ▬▬▬ ▬▬ ▬ ▬▬▬ ▬▬ ▬ ▬▬ ▬▬▬ ▬ ▬▬ ▬▬ ▬▬▬ ▬ ▬▬ ▬▬▬ ▬ ▬▬ ▬▬ ▬▬▬ ▬ ▬▬ ▬▬▬ ▬▬ ▬ ▬▬▬ ▬▬ ▬ ▬▬ ▬▬▬ ▬ ▬▬ ▬▬ ▬▬▬ ▬ ▬▬ ▬▬▬ ▬ ▬▬ ▬▬ ▬▬▬ ▬ ▬▬ ▬▬▬ ▬▬ ▬ ▬▬▬ ▬▬ ▬ ▬▬ ▬▬▬ ▬ ▬▬ ▬▬ ▬▬▬ ▬ ▬▬ ▬▬▬ ▬ ▬▬ ▬▬ ▬▬▬ ▬ ▬▬ ▬▬▬ ▬▬ ▬ ▬▬▬ ▬▬ ▬ ▬▬ ▬▬▬ ▬ ▬▬ ▬▬ ▬▬▬ ▬ ▬▬
